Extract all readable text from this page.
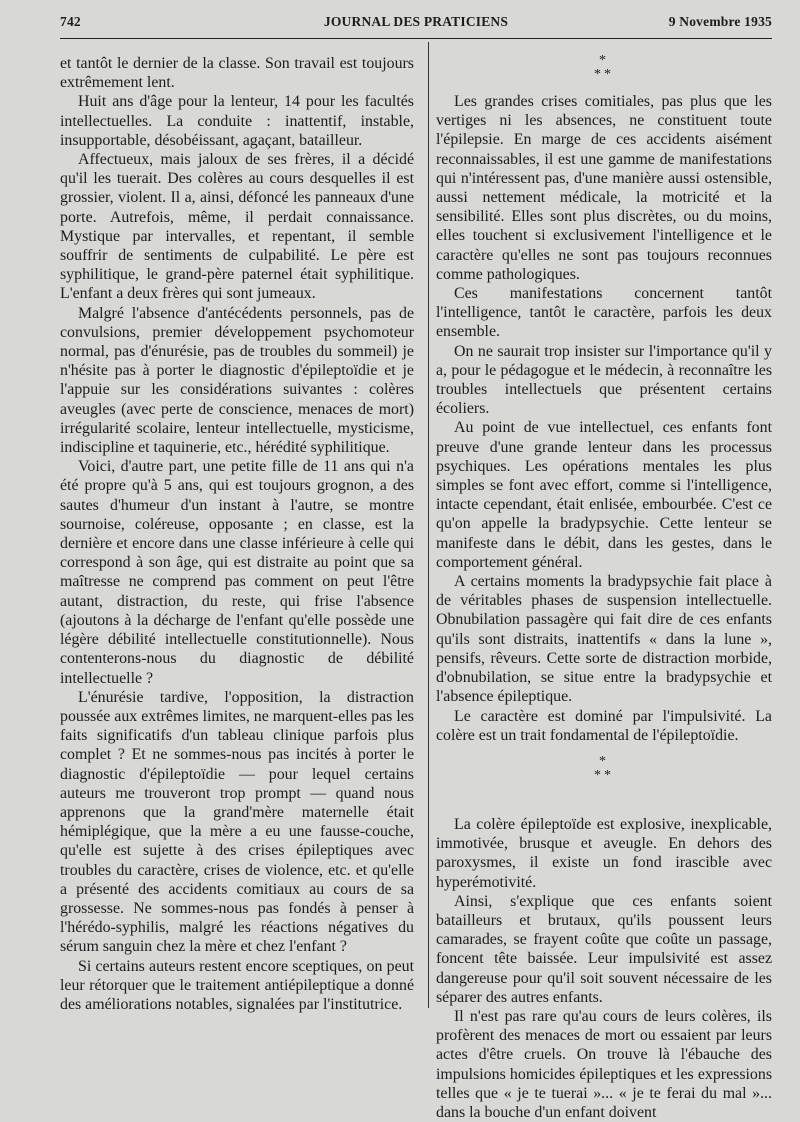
742	JOURNAL DES PRATICIENS	9 Novembre 1935

et tantôt le dernier de la classe. Son travail est toujours extrêmement lent.

Huit ans d'âge pour la lenteur, 14 pour les facultés intellectuelles. La conduite : inattentif, instable, insupportable, désobéissant, agaçant, batailleur.

Affectueux, mais jaloux de ses frères, il a décidé qu'il les tuerait. Des colères au cours desquelles il est grossier, violent. Il a, ainsi, défoncé les panneaux d'une porte. Autrefois, même, il perdait connaissance. Mystique par intervalles, et repentant, il semble souffrir de sentiments de culpabilité. Le père est syphilitique, le grand-père paternel était syphilitique. L'enfant a deux frères qui sont jumeaux.

Malgré l'absence d'antécédents personnels, pas de convulsions, premier développement psychomoteur normal, pas d'énurésie, pas de troubles du sommeil) je n'hésite pas à porter le diagnostic d'épileptoïdie et je l'appuie sur les considérations suivantes : colères aveugles (avec perte de conscience, menaces de mort) irrégularité scolaire, lenteur intellectuelle, mysticisme, indiscipline et taquinerie, etc., hérédité syphilitique.

Voici, d'autre part, une petite fille de 11 ans qui n'a été propre qu'à 5 ans, qui est toujours grognon, a des sautes d'humeur d'un instant à l'autre, se montre sournoise, coléreuse, opposante ; en classe, est la dernière et encore dans une classe inférieure à celle qui correspond à son âge, qui est distraite au point que sa maîtresse ne comprend pas comment on peut l'être autant, distraction, du reste, qui frise l'absence (ajoutons à la décharge de l'enfant qu'elle possède une légère débilité intellectuelle constitutionnelle). Nous contenterons-nous du diagnostic de débilité intellectuelle ?

L'énurésie tardive, l'opposition, la distraction poussée aux extrêmes limites, ne marquent-elles pas les faits significatifs d'un tableau clinique parfois plus complet ? Et ne sommes-nous pas incités à porter le diagnostic d'épileptoïdie — pour lequel certains auteurs me trouveront trop prompt — quand nous apprenons que la grand'mère maternelle était hémiplégique, que la mère a eu une fausse-couche, qu'elle est sujette à des crises épileptiques avec troubles du caractère, crises de violence, etc. et qu'elle a présenté des accidents comitiaux au cours de sa grossesse. Ne sommes-nous pas fondés à penser à l'hérédo-syphilis, malgré les réactions négatives du sérum sanguin chez la mère et chez l'enfant ?

Si certains auteurs restent encore sceptiques, on peut leur rétorquer que le traitement antiépileptique a donné des améliorations notables, signalées par l'institutrice.

*
**

Les grandes crises comitiales, pas plus que les vertiges ni les absences, ne constituent toute l'épilepsie. En marge de ces accidents aisément reconnaissables, il est une gamme de manifestations qui n'intéressent pas, d'une manière aussi ostensible, aussi nettement médicale, la motricité et la sensibilité. Elles sont plus discrètes, ou du moins, elles touchent si exclusivement l'intelligence et le caractère qu'elles ne sont pas toujours reconnues comme pathologiques.

Ces manifestations concernent tantôt l'intelligence, tantôt le caractère, parfois les deux ensemble.

On ne saurait trop insister sur l'importance qu'il y a, pour le pédagogue et le médecin, à reconnaître les troubles intellectuels que présentent certains écoliers.

Au point de vue intellectuel, ces enfants font preuve d'une grande lenteur dans les processus psychiques. Les opérations mentales les plus simples se font avec effort, comme si l'intelligence, intacte cependant, était enlisée, embourbée. C'est ce qu'on appelle la bradypsychie. Cette lenteur se manifeste dans le débit, dans les gestes, dans le comportement général.

A certains moments la bradypsychie fait place à de véritables phases de suspension intellectuelle. Obnubilation passagère qui fait dire de ces enfants qu'ils sont distraits, inattentifs « dans la lune », pensifs, rêveurs. Cette sorte de distraction morbide, d'obnubilation, se situe entre la bradypsychie et l'absence épileptique.

Le caractère est dominé par l'impulsivité. La colère est un trait fondamental de l'épileptoïdie.

*
**

La colère épileptoïde est explosive, inexplicable, immotivée, brusque et aveugle. En dehors des paroxysmes, il existe un fond irascible avec hyperémotivité.

Ainsi, s'explique que ces enfants soient batailleurs et brutaux, qu'ils poussent leurs camarades, se frayent coûte que coûte un passage, foncent tête baissée. Leur impulsivité est assez dangereuse pour qu'il soit souvent nécessaire de les séparer des autres enfants.

Il n'est pas rare qu'au cours de leurs colères, ils profèrent des menaces de mort ou essaient par leurs actes d'être cruels. On trouve là l'ébauche des impulsions homicides épileptiques et les expressions telles que « je te tuerai »... « je te ferai du mal »... dans la bouche d'un enfant doivent
